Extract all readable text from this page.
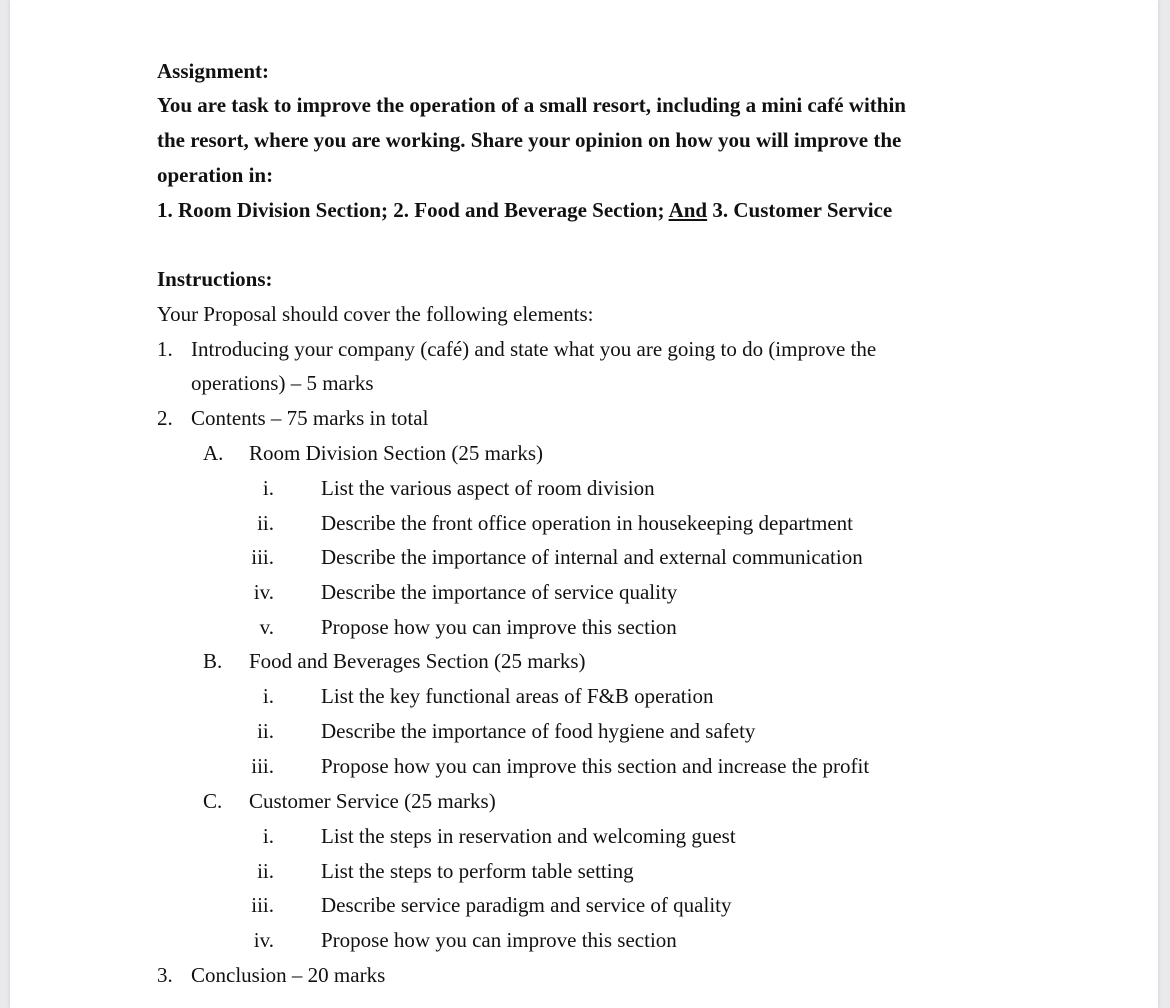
Assignment:
You are task to improve the operation of a small resort, including a mini café within
the resort, where you are working. Share your opinion on how you will improve the
operation in:
1. Room Division Section; 2. Food and Beverage Section; And 3. Customer Service
Instructions:
Your Proposal should cover the following elements:
1. Introducing your company (café) and state what you are going to do (improve the
operations) – 5 marks
2. Contents – 75 marks in total
A. Room Division Section (25 marks)
i. List the various aspect of room division
ii. Describe the front office operation in housekeeping department
iii. Describe the importance of internal and external communication
iv. Describe the importance of service quality
v. Propose how you can improve this section
B. Food and Beverages Section (25 marks)
i. List the key functional areas of F&B operation
ii. Describe the importance of food hygiene and safety
iii. Propose how you can improve this section and increase the profit
C. Customer Service (25 marks)
i. List the steps in reservation and welcoming guest
ii. List the steps to perform table setting
iii. Describe service paradigm and service of quality
iv. Propose how you can improve this section
3. Conclusion – 20 marks
